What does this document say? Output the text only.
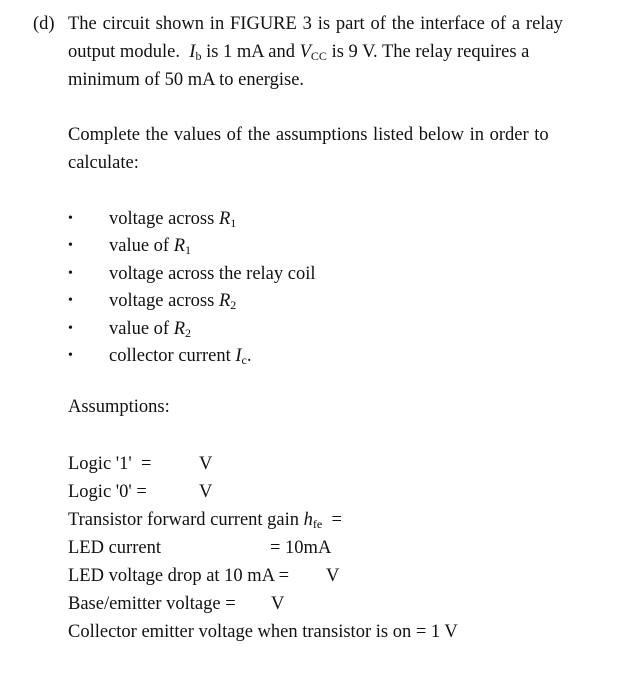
(d) The circuit shown in FIGURE 3 is part of the interface of a relay
output module. $I_b$ is 1 mA and $V_{CC}$ is 9 V. The relay requires a
minimum of 50 mA to energise.
Complete the values of the assumptions listed below in order to
calculate:
• voltage across $R_1$
• value of $R_1$
• voltage across the relay coil
• voltage across $R_2$
• value of $R_2$
• collector current $I_c$.
Assumptions:
Logic '1' =	V
Logic '0' =	V
Transistor forward current gain $h_{fe}$ =
LED current	= 10mA
LED voltage drop at 10 mA = V
Base/emitter voltage = V
Collector emitter voltage when transistor is on = 1 V
